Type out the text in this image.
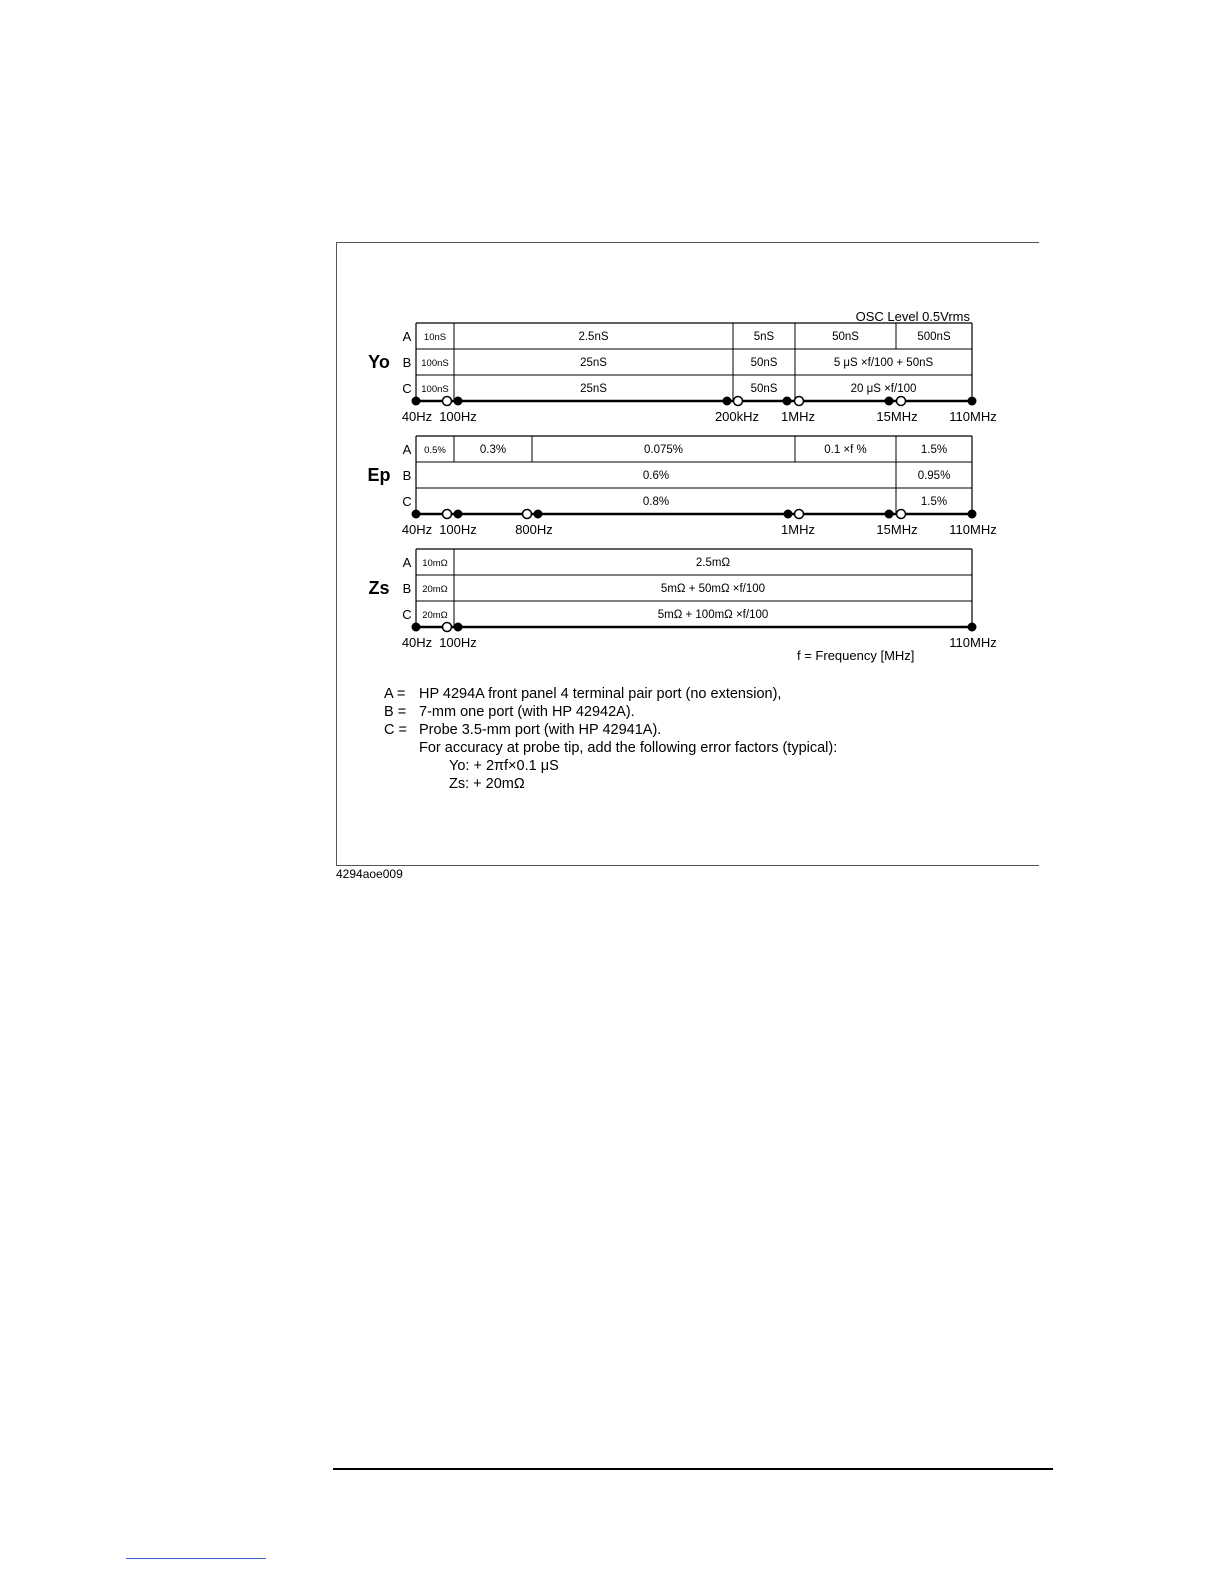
OSC Level 0.5Vrms
Yo
A 10nS	2.5nS	5nS	50nS	500nS
B 100nS	25nS	50nS	5 μS ×f/100 + 50nS
C 100nS	25nS	50nS	20 μS ×f/100
40Hz 100Hz	200kHz 1MHz	15MHz 110MHz
Ep
A 0.5%	0.3%	0.075%	0.1 ×f %	1.5%
B	0.6%	0.95%
C	0.8%	1.5%
40Hz 100Hz	800Hz	1MHz	15MHz 110MHz
Zs
A 10mΩ	2.5mΩ
B 20mΩ	5mΩ + 50mΩ ×f/100
C 20mΩ	5mΩ + 100mΩ ×f/100
40Hz 100Hz	110MHz
f = Frequency [MHz]
4294aoe009
A = HP 4294A front panel 4 terminal pair port (no extension),
B = 7-mm one port (with HP 42942A).
C = Probe 3.5-mm port (with HP 42941A).
For accuracy at probe tip, add the following error factors (typical):
Yo: + 2πf×0.1 μS
Zs: + 20mΩ
